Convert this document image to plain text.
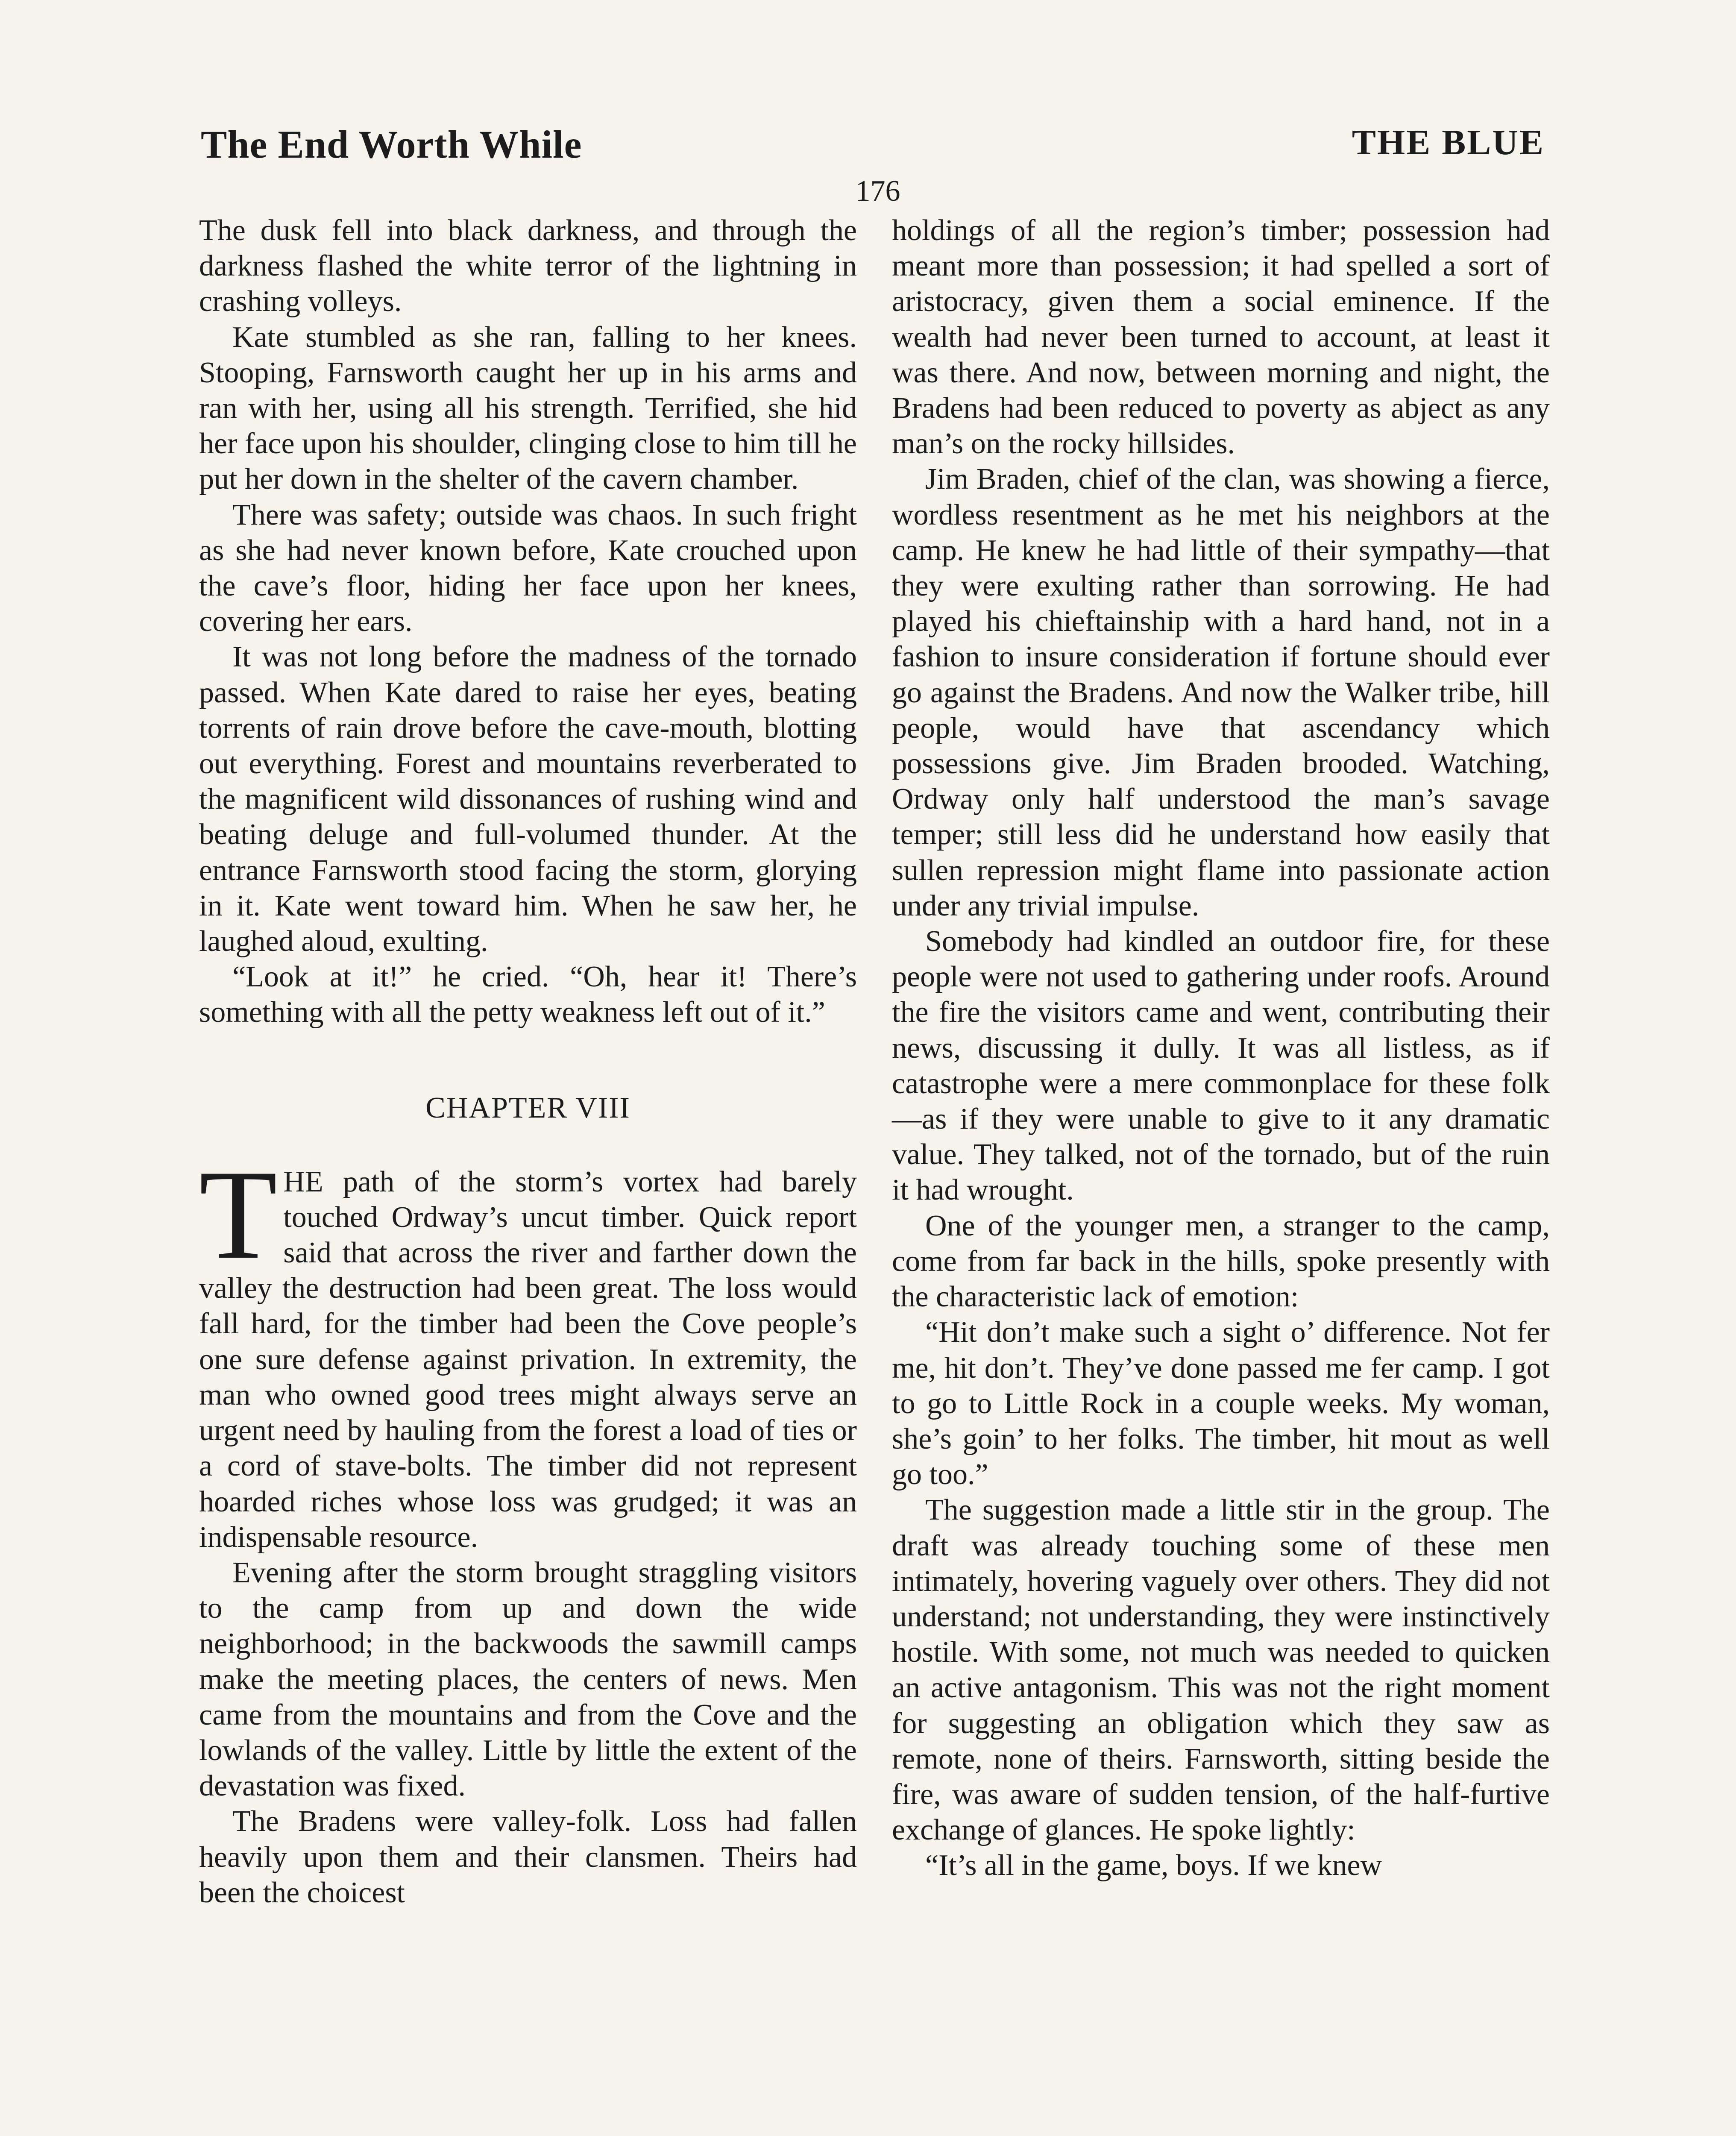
The End Worth While	THE BLUE
176

The dusk fell into black darkness, and through the darkness flashed the white terror of the lightning in crashing volleys.

Kate stumbled as she ran, falling to her knees. Stooping, Farnsworth caught her up in his arms and ran with her, using all his strength. Terrified, she hid her face upon his shoulder, clinging close to him till he put her down in the shelter of the cavern chamber.

There was safety; outside was chaos. In such fright as she had never known before, Kate crouched upon the cave’s floor, hiding her face upon her knees, covering her ears.

It was not long before the madness of the tornado passed. When Kate dared to raise her eyes, beating torrents of rain drove before the cave-mouth, blotting out everything. Forest and mountains reverberated to the magnificent wild dissonances of rushing wind and beating deluge and full-volumed thunder. At the entrance Farnsworth stood facing the storm, glorying in it. Kate went toward him. When he saw her, he laughed aloud, exulting.

“Look at it!” he cried. “Oh, hear it! There’s something with all the petty weakness left out of it.”

CHAPTER VIII

THE path of the storm’s vortex had barely touched Ordway’s uncut timber. Quick report said that across the river and farther down the valley the destruction had been great. The loss would fall hard, for the timber had been the Cove people’s one sure defense against privation. In extremity, the man who owned good trees might always serve an urgent need by hauling from the forest a load of ties or a cord of stave-bolts. The timber did not represent hoarded riches whose loss was grudged; it was an indispensable resource.

Evening after the storm brought straggling visitors to the camp from up and down the wide neighborhood; in the backwoods the sawmill camps make the meeting places, the centers of news. Men came from the mountains and from the Cove and the lowlands of the valley. Little by little the extent of the devastation was fixed.

The Bradens were valley-folk. Loss had fallen heavily upon them and their clansmen. Theirs had been the choicest

holdings of all the region’s timber; possession had meant more than possession; it had spelled a sort of aristocracy, given them a social eminence. If the wealth had never been turned to account, at least it was there. And now, between morning and night, the Bradens had been reduced to poverty as abject as any man’s on the rocky hillsides.

Jim Braden, chief of the clan, was showing a fierce, wordless resentment as he met his neighbors at the camp. He knew he had little of their sympathy—that they were exulting rather than sorrowing. He had played his chieftainship with a hard hand, not in a fashion to insure consideration if fortune should ever go against the Bradens. And now the Walker tribe, hill people, would have that ascendancy which possessions give. Jim Braden brooded. Watching, Ordway only half understood the man’s savage temper; still less did he understand how easily that sullen repression might flame into passionate action under any trivial impulse.

Somebody had kindled an outdoor fire, for these people were not used to gathering under roofs. Around the fire the visitors came and went, contributing their news, discussing it dully. It was all listless, as if catastrophe were a mere commonplace for these folk—as if they were unable to give to it any dramatic value. They talked, not of the tornado, but of the ruin it had wrought.

One of the younger men, a stranger to the camp, come from far back in the hills, spoke presently with the characteristic lack of emotion:

“Hit don’t make such a sight o’ difference. Not fer me, hit don’t. They’ve done passed me fer camp. I got to go to Little Rock in a couple weeks. My woman, she’s goin’ to her folks. The timber, hit mout as well go too.”

The suggestion made a little stir in the group. The draft was already touching some of these men intimately, hovering vaguely over others. They did not understand; not understanding, they were instinctively hostile. With some, not much was needed to quicken an active antagonism. This was not the right moment for suggesting an obligation which they saw as remote, none of theirs. Farnsworth, sitting beside the fire, was aware of sudden tension, of the half-furtive exchange of glances. He spoke lightly:

“It’s all in the game, boys. If we knew
